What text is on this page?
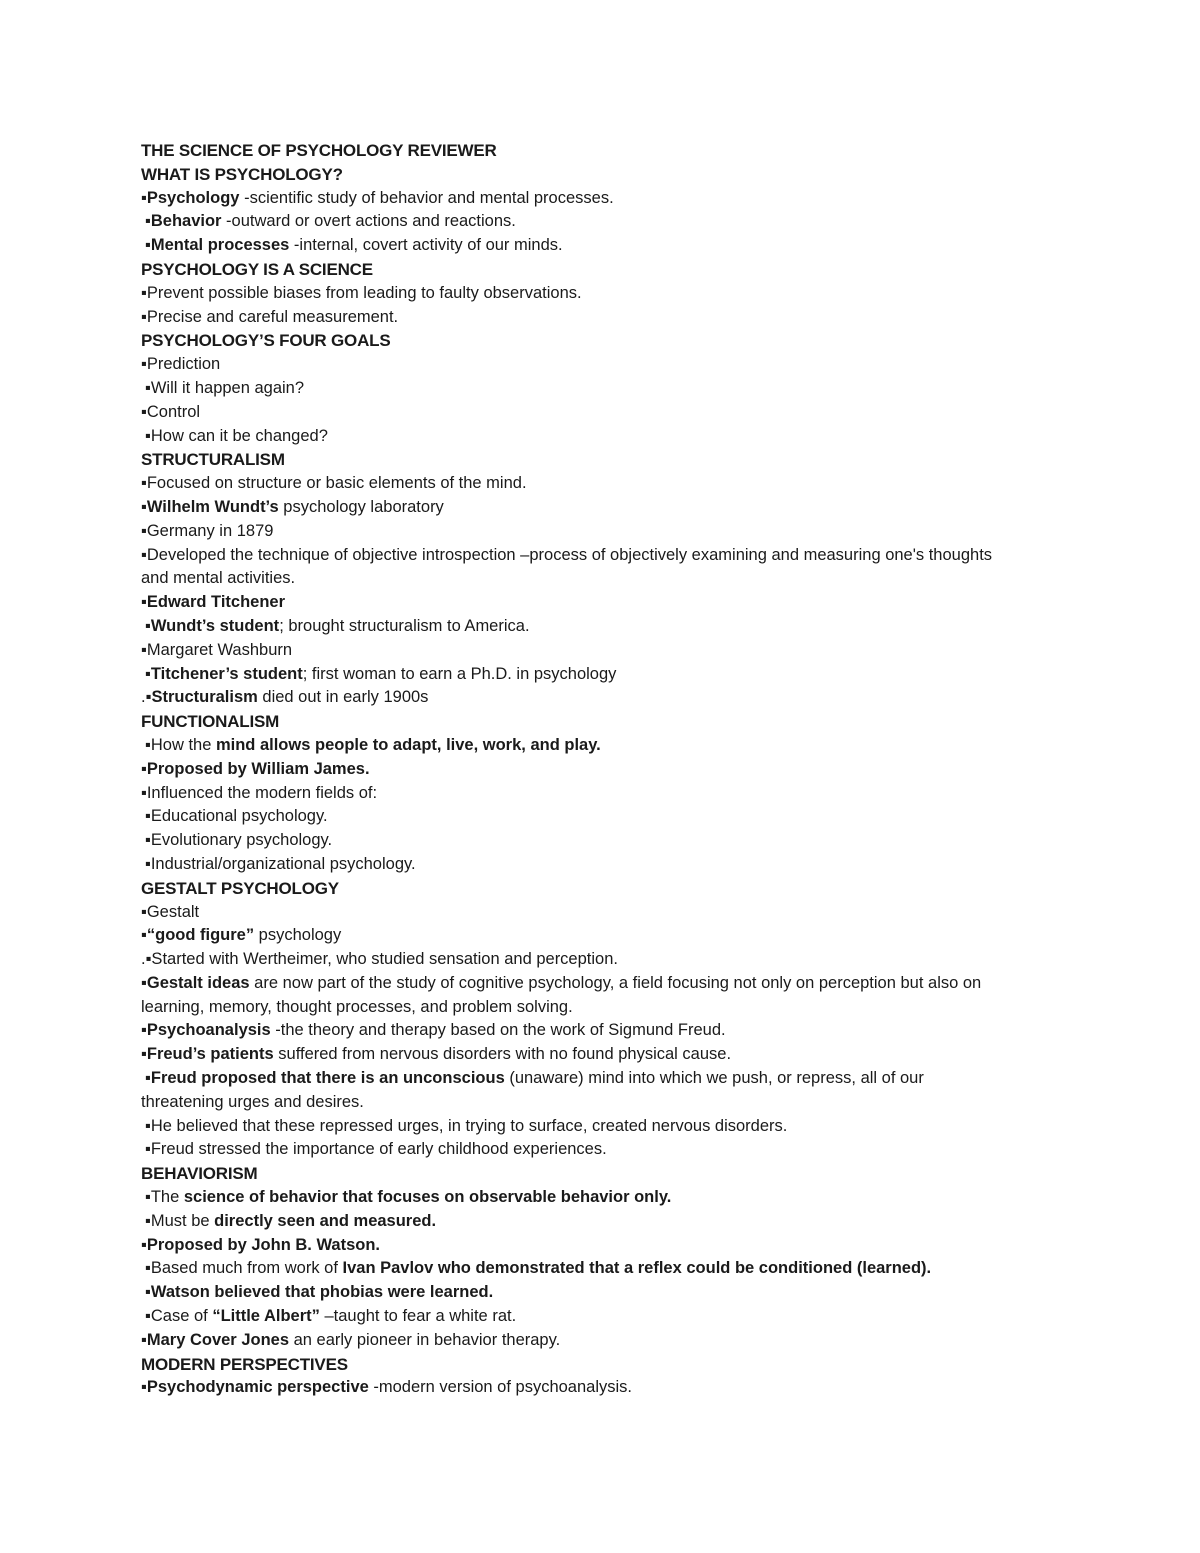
THE SCIENCE OF PSYCHOLOGY REVIEWER
WHAT IS PSYCHOLOGY?
▪Psychology -scientific study of behavior and mental processes.
▪Behavior -outward or overt actions and reactions.
▪Mental processes -internal, covert activity of our minds.
PSYCHOLOGY IS A SCIENCE
▪Prevent possible biases from leading to faulty observations.
▪Precise and careful measurement.
PSYCHOLOGY’S FOUR GOALS
▪Prediction
▪Will it happen again?
▪Control
▪How can it be changed?
STRUCTURALISM
▪Focused on structure or basic elements of the mind.
▪Wilhelm Wundt’s psychology laboratory
▪Germany in 1879
▪Developed the technique of objective introspection –process of objectively examining and measuring one's thoughts
and mental activities.
▪Edward Titchener
▪Wundt’s student; brought structuralism to America.
▪Margaret Washburn
▪Titchener’s student; first woman to earn a Ph.D. in psychology
.▪Structuralism died out in early 1900s
FUNCTIONALISM
▪How the mind allows people to adapt, live, work, and play.
▪Proposed by William James.
▪Influenced the modern fields of:
▪Educational psychology.
▪Evolutionary psychology.
▪Industrial/organizational psychology.
GESTALT PSYCHOLOGY
▪Gestalt
▪“good figure” psychology
.▪Started with Wertheimer, who studied sensation and perception.
▪Gestalt ideas are now part of the study of cognitive psychology, a field focusing not only on perception but also on
learning, memory, thought processes, and problem solving.
▪Psychoanalysis -the theory and therapy based on the work of Sigmund Freud.
▪Freud’s patients suffered from nervous disorders with no found physical cause.
▪Freud proposed that there is an unconscious (unaware) mind into which we push, or repress, all of our
threatening urges and desires.
▪He believed that these repressed urges, in trying to surface, created nervous disorders.
▪Freud stressed the importance of early childhood experiences.
BEHAVIORISM
▪The science of behavior that focuses on observable behavior only.
▪Must be directly seen and measured.
▪Proposed by John B. Watson.
▪Based much from work of Ivan Pavlov who demonstrated that a reflex could be conditioned (learned).
▪Watson believed that phobias were learned.
▪Case of “Little Albert” –taught to fear a white rat.
▪Mary Cover Jones an early pioneer in behavior therapy.
MODERN PERSPECTIVES
▪Psychodynamic perspective -modern version of psychoanalysis.
